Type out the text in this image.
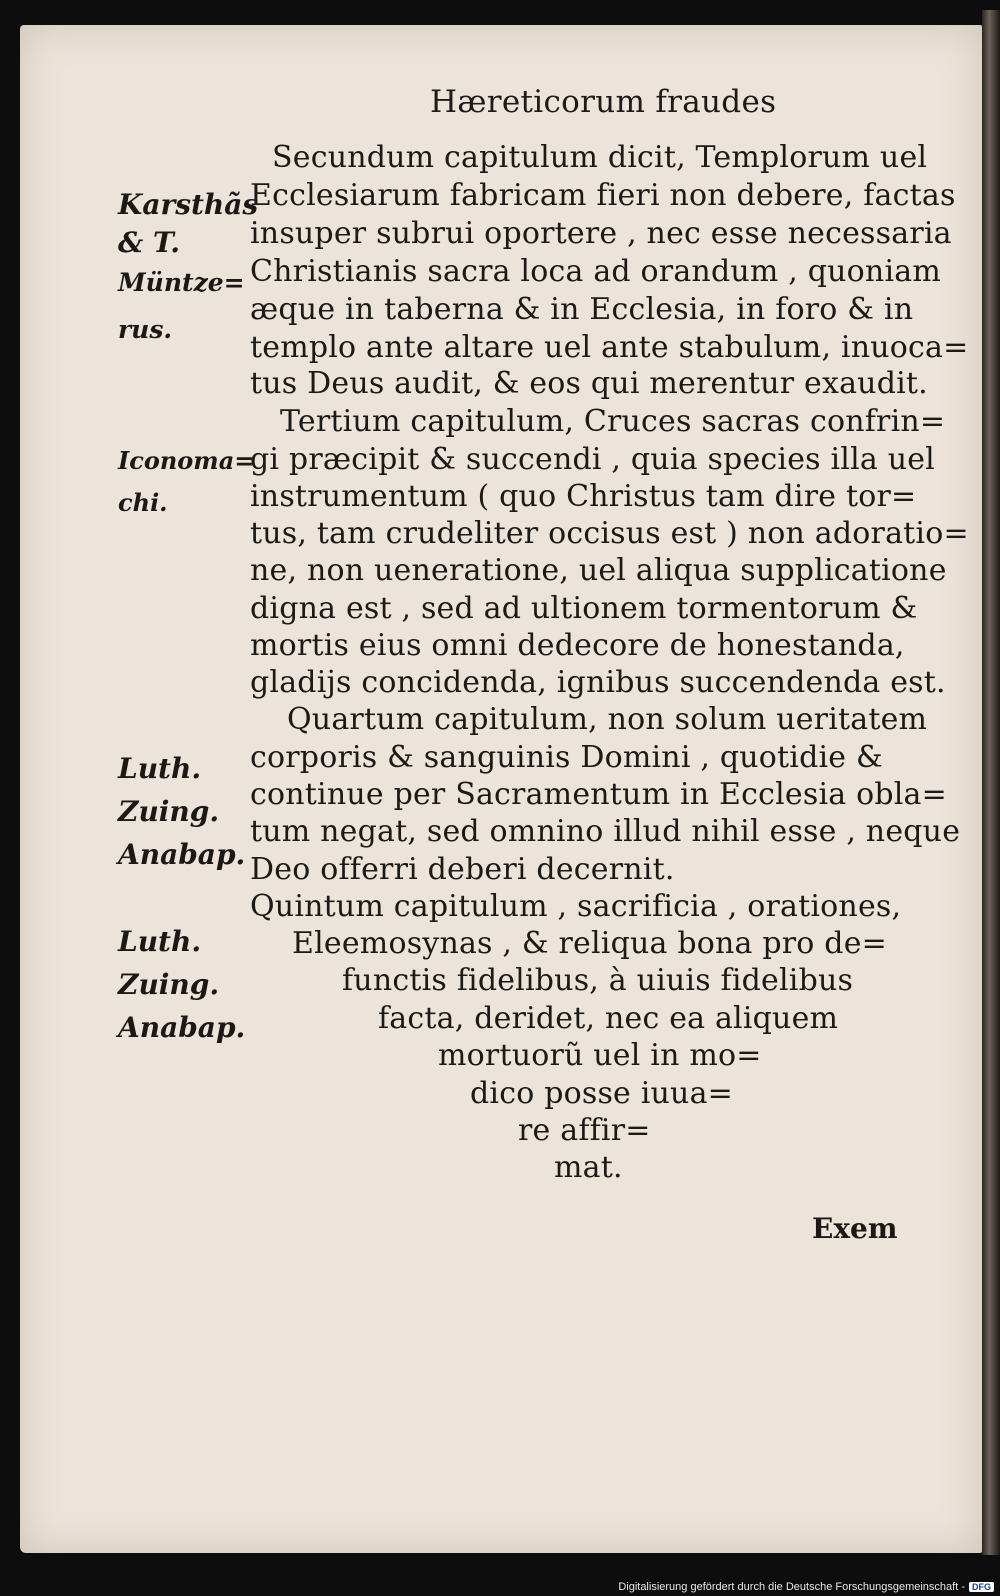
Hæreticorum fraudes
Karsthãs
& T.
Müntze=
rus.
Iconoma=
chi.
Luth.
Zuing.
Anabap.
Luth.
Zuing.
Anabap.
Secundum capitulum dicit, Templorum uel
Ecclesiarum fabricam fieri non debere, factas
insuper subrui oportere , nec esse necessaria
Christianis sacra loca ad orandum , quoniam
æque in taberna & in Ecclesia, in foro & in
templo ante altare uel ante stabulum, inuoca=
tus Deus audit, & eos qui merentur exaudit.
Tertium capitulum, Cruces sacras confrin=
gi præcipit & succendi , quia species illa uel
instrumentum ( quo Christus tam dire tor=
tus, tam crudeliter occisus est ) non adoratio=
ne, non ueneratione, uel aliqua supplicatione
digna est , sed ad ultionem tormentorum &
mortis eius omni dedecore de honestanda,
gladijs concidenda, ignibus succendenda est.
Quartum capitulum, non solum ueritatem
corporis & sanguinis Domini , quotidie &
continue per Sacramentum in Ecclesia obla=
tum negat, sed omnino illud nihil esse , neque
Deo offerri deberi decernit.
Quintum capitulum , sacrificia , orationes,
Eleemosynas , & reliqua bona pro de=
functis fidelibus, à uiuis fidelibus
facta, deridet, nec ea aliquem
mortuorũ uel in mo=
dico posse iuua=
re affir=
mat.
Exem
Digitalisierung gefördert durch die Deutsche Forschungsgemeinschaft - DFG
